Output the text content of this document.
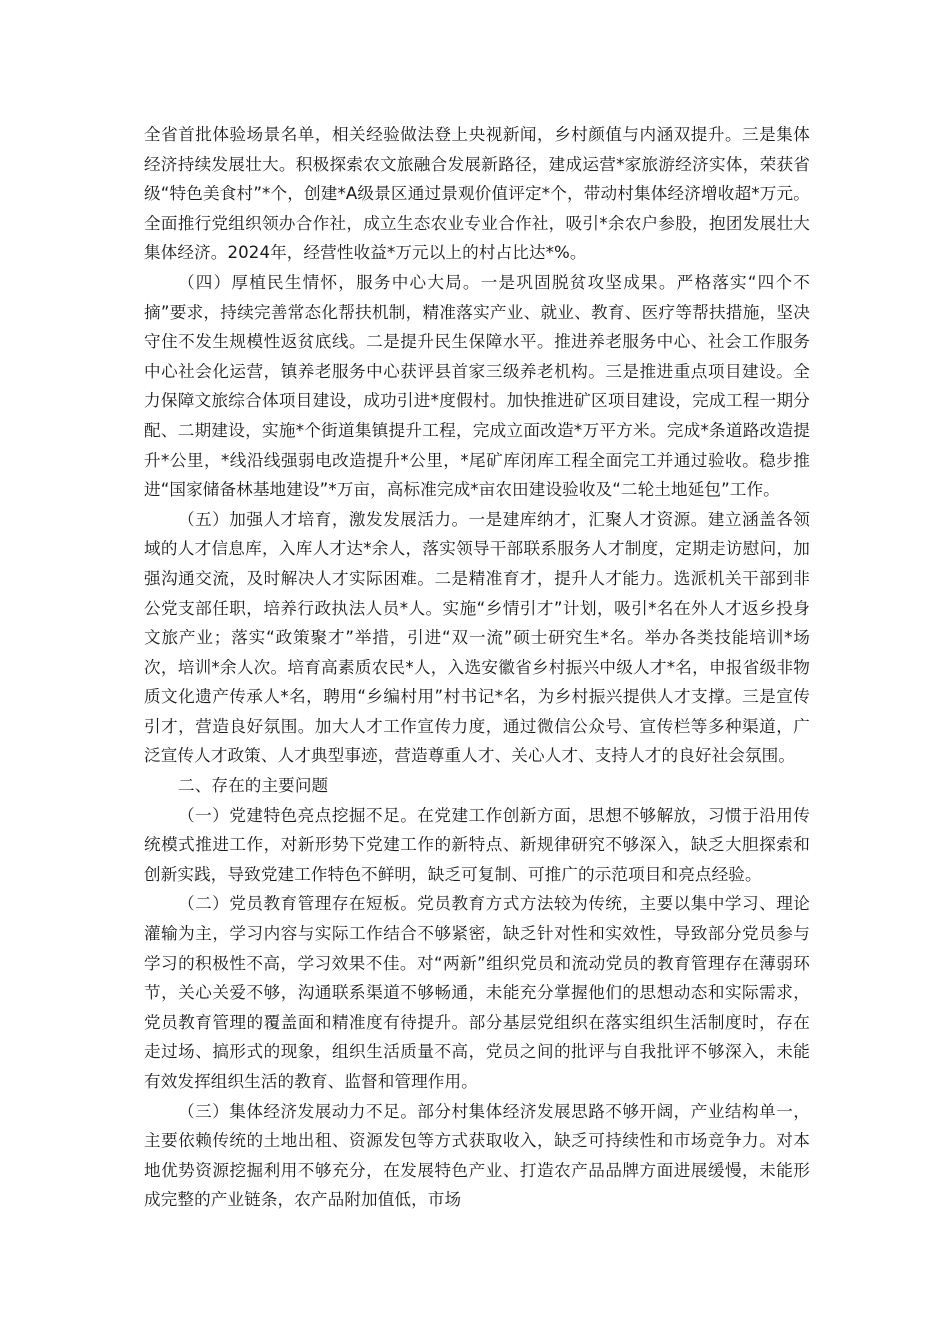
全省首批体验场景名单，相关经验做法登上央视新闻，乡村颜值与内涵双提升。三是集体经济持续发展壮大。积极探索农文旅融合发展新路径，建成运营*家旅游经济实体，荣获省级“特色美食村”*个，创建*A级景区通过景观价值评定*个，带动村集体经济增收超*万元。全面推行党组织领办合作社，成立生态农业专业合作社，吸引*余农户参股，抱团发展壮大集体经济。2024年，经营性收益*万元以上的村占比达*%。

（四）厚植民生情怀，服务中心大局。一是巩固脱贫攻坚成果。严格落实“四个不摘”要求，持续完善常态化帮扶机制，精准落实产业、就业、教育、医疗等帮扶措施，坚决守住不发生规模性返贫底线。二是提升民生保障水平。推进养老服务中心、社会工作服务中心社会化运营，镇养老服务中心获评县首家三级养老机构。三是推进重点项目建设。全力保障文旅综合体项目建设，成功引进*度假村。加快推进矿区项目建设，完成工程一期分配、二期建设，实施*个街道集镇提升工程，完成立面改造*万平方米。完成*条道路改造提升*公里，*线沿线强弱电改造提升*公里，*尾矿库闭库工程全面完工并通过验收。稳步推进“国家储备林基地建设”*万亩，高标准完成*亩农田建设验收及“二轮土地延包”工作。

（五）加强人才培育，激发发展活力。一是建库纳才，汇聚人才资源。建立涵盖各领域的人才信息库，入库人才达*余人，落实领导干部联系服务人才制度，定期走访慰问，加强沟通交流，及时解决人才实际困难。二是精准育才，提升人才能力。选派机关干部到非公党支部任职，培养行政执法人员*人。实施“乡情引才”计划，吸引*名在外人才返乡投身文旅产业；落实“政策聚才”举措，引进“双一流”硕士研究生*名。举办各类技能培训*场次，培训*余人次。培育高素质农民*人，入选安徽省乡村振兴中级人才*名，申报省级非物质文化遗产传承人*名，聘用“乡编村用”村书记*名，为乡村振兴提供人才支撑。三是宣传引才，营造良好氛围。加大人才工作宣传力度，通过微信公众号、宣传栏等多种渠道，广泛宣传人才政策、人才典型事迹，营造尊重人才、关心人才、支持人才的良好社会氛围。

二、存在的主要问题

（一）党建特色亮点挖掘不足。在党建工作创新方面，思想不够解放，习惯于沿用传统模式推进工作，对新形势下党建工作的新特点、新规律研究不够深入，缺乏大胆探索和创新实践，导致党建工作特色不鲜明，缺乏可复制、可推广的示范项目和亮点经验。

（二）党员教育管理存在短板。党员教育方式方法较为传统，主要以集中学习、理论灌输为主，学习内容与实际工作结合不够紧密，缺乏针对性和实效性，导致部分党员参与学习的积极性不高，学习效果不佳。对“两新”组织党员和流动党员的教育管理存在薄弱环节，关心关爱不够，沟通联系渠道不够畅通，未能充分掌握他们的思想动态和实际需求，党员教育管理的覆盖面和精准度有待提升。部分基层党组织在落实组织生活制度时，存在走过场、搞形式的现象，组织生活质量不高，党员之间的批评与自我批评不够深入，未能有效发挥组织生活的教育、监督和管理作用。

（三）集体经济发展动力不足。部分村集体经济发展思路不够开阔，产业结构单一，主要依赖传统的土地出租、资源发包等方式获取收入，缺乏可持续性和市场竞争力。对本地优势资源挖掘利用不够充分，在发展特色产业、打造农产品品牌方面进展缓慢，未能形成完整的产业链条，农产品附加值低，市场
